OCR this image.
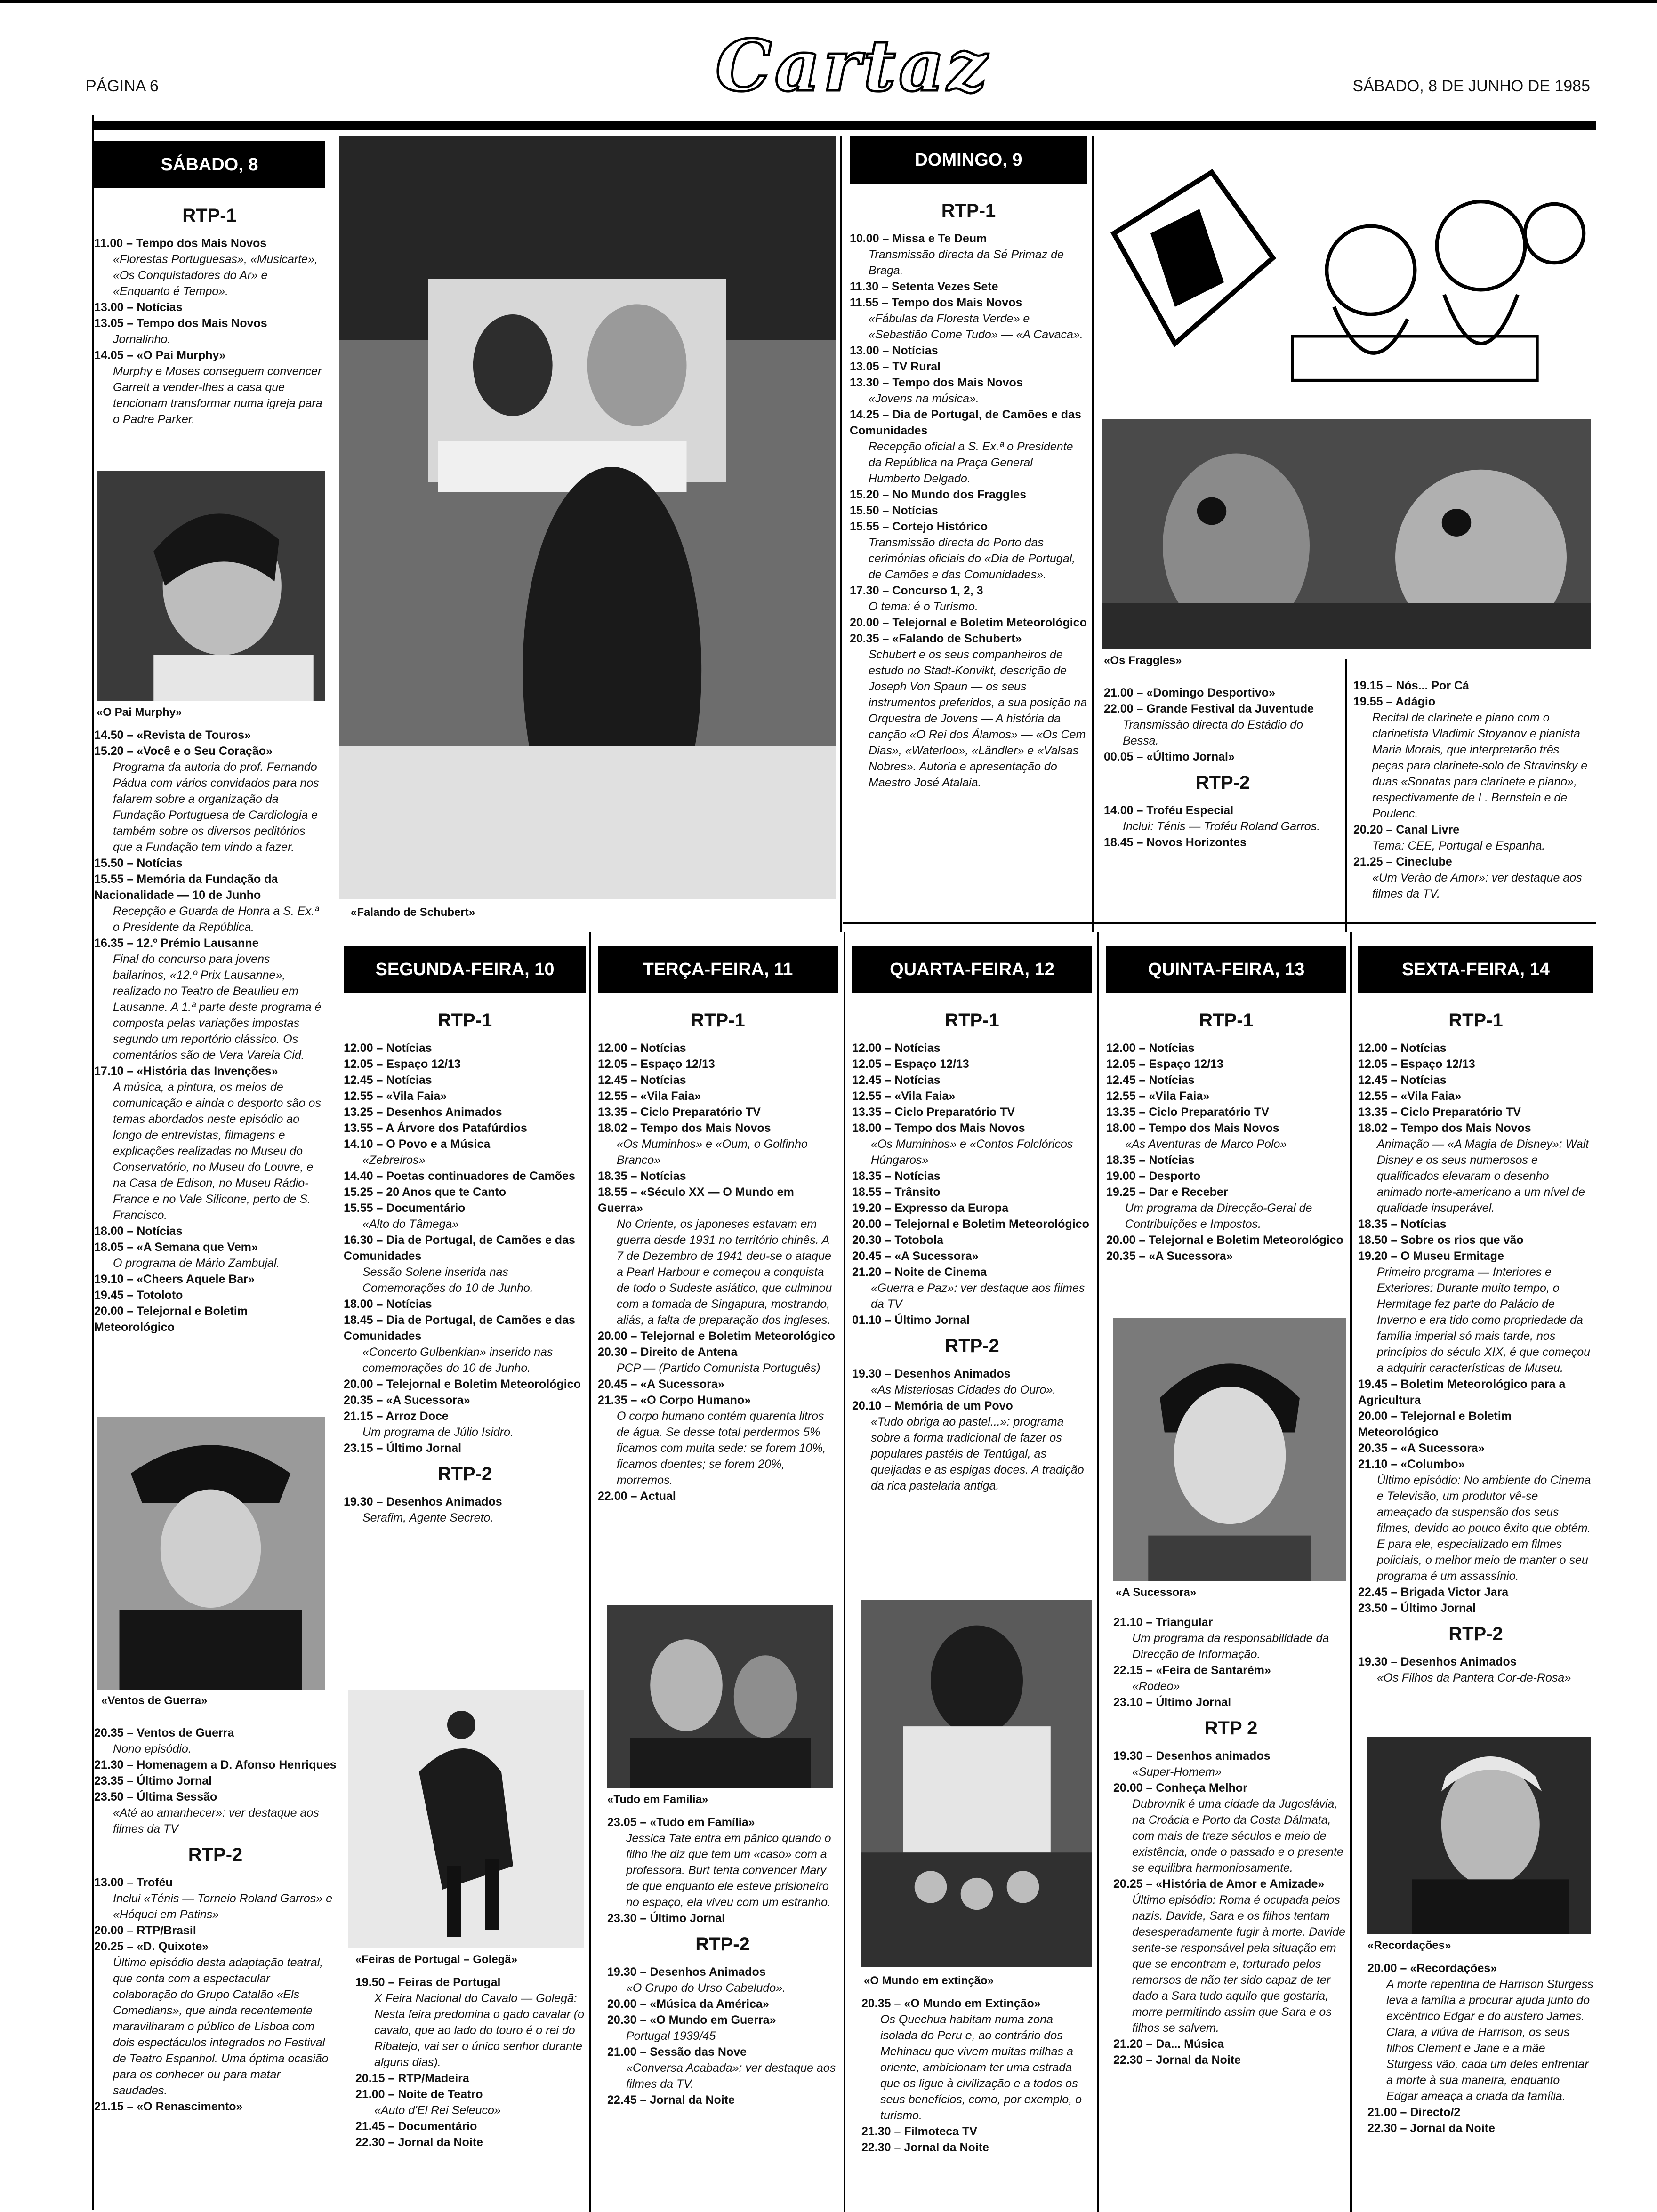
PÁGINA 6	Cartaz	SÁBADO, 8 DE JUNHO DE 1985
SÁBADO, 8
RTP-1
11.00 – Tempo dos Mais Novos
«Florestas Portuguesas», «Musicarte», «Os Conquistadores do Ar» e «Enquanto é Tempo».
13.00 – Notícias
13.05 – Tempo dos Mais Novos
Jornalinho.
14.05 – «O Pai Murphy»
Murphy e Moses conseguem convencer Garrett a vender-lhes a casa que tencionam transformar numa igreja para o Padre Parker.
«O Pai Murphy»
14.50 – «Revista de Touros»
15.20 – «Você e o Seu Coração»
Programa da autoria do prof. Fernando Pádua com vários convidados para nos falarem sobre a organização da Fundação Portuguesa de Cardiologia e também sobre os diversos peditórios que a Fundação tem vindo a fazer.
15.50 – Notícias
15.55 – Memória da Fundação da Nacionalidade — 10 de Junho
Recepção e Guarda de Honra a S. Ex.ª o Presidente da República.
16.35 – 12.º Prémio Lausanne
Final do concurso para jovens bailarinos, «12.º Prix Lausanne», realizado no Teatro de Beaulieu em Lausanne. A 1.ª parte deste programa é composta pelas variações impostas segundo um reportório clássico. Os comentários são de Vera Varela Cid.
17.10 – «História das Invenções»
A música, a pintura, os meios de comunicação e ainda o desporto são os temas abordados neste episódio ao longo de entrevistas, filmagens e explicações realizadas no Museu do Conservatório, no Museu do Louvre, e na Casa de Edison, no Museu Rádio-France e no Vale Silicone, perto de S. Francisco.
18.00 – Notícias
18.05 – «A Semana que Vem»
O programa de Mário Zambujal.
19.10 – «Cheers Aquele Bar»
19.45 – Totoloto
20.00 – Telejornal e Boletim Meteorológico
«Falando de Schubert»
DOMINGO, 9
RTP-1
10.00 – Missa e Te Deum
Transmissão directa da Sé Primaz de Braga.
11.30 – Setenta Vezes Sete
11.55 – Tempo dos Mais Novos
«Fábulas da Floresta Verde» e «Sebastião Come Tudo» — «A Cavaca».
13.00 – Notícias
13.05 – TV Rural
13.30 – Tempo dos Mais Novos
«Jovens na música».
14.25 – Dia de Portugal, de Camões e das Comunidades
Recepção oficial a S. Ex.ª o Presidente da República na Praça General Humberto Delgado.
15.20 – No Mundo dos Fraggles
15.50 – Notícias
15.55 – Cortejo Histórico
Transmissão directa do Porto das cerimónias oficiais do «Dia de Portugal, de Camões e das Comunidades».
17.30 – Concurso 1, 2, 3
O tema: é o Turismo.
20.00 – Telejornal e Boletim Meteorológico
20.35 – «Falando de Schubert»
Schubert e os seus companheiros de estudo no Stadt-Konvikt, descrição de Joseph Von Spaun — os seus instrumentos preferidos, a sua posição na Orquestra de Jovens — A história da canção «O Rei dos Álamos» — «Os Cem Dias», «Waterloo», «Ländler» e «Valsas Nobres». Autoria e apresentação do Maestro José Atalaia.
«Os Fraggles»
21.00 – «Domingo Desportivo»
22.00 – Grande Festival da Juventude
Transmissão directa do Estádio do Bessa.
00.05 – «Último Jornal»
RTP-2
14.00 – Troféu Especial
Inclui: Ténis — Troféu Roland Garros.
18.45 – Novos Horizontes
19.15 – Nós... Por Cá
19.55 – Adágio
Recital de clarinete e piano com o clarinetista Vladimir Stoyanov e pianista Maria Morais, que interpretarão três peças para clarinete-solo de Stravinsky e duas «Sonatas para clarinete e piano», respectivamente de L. Bernstein e de Poulenc.
20.20 – Canal Livre
Tema: CEE, Portugal e Espanha.
21.25 – Cineclube
«Um Verão de Amor»: ver destaque aos filmes da TV.
«Ventos de Guerra»
20.35 – Ventos de Guerra
Nono episódio.
21.30 – Homenagem a D. Afonso Henriques
23.35 – Último Jornal
23.50 – Última Sessão
«Até ao amanhecer»: ver destaque aos filmes da TV
RTP-2
13.00 – Troféu
Inclui «Ténis — Torneio Roland Garros» e «Hóquei em Patins»
20.00 – RTP/Brasil
20.25 – «D. Quixote»
Último episódio desta adaptação teatral, que conta com a espectacular colaboração do Grupo Catalão «Els Comedians», que ainda recentemente maravilharam o público de Lisboa com dois espectáculos integrados no Festival de Teatro Espanhol. Uma óptima ocasião para os conhecer ou para matar saudades.
21.15 – «O Renascimento»
SEGUNDA-FEIRA, 10
RTP-1
12.00 – Notícias
12.05 – Espaço 12/13
12.45 – Notícias
12.55 – «Vila Faia»
13.25 – Desenhos Animados
13.55 – A Árvore dos Patafúrdios
14.10 – O Povo e a Música
«Zebreiros»
14.40 – Poetas continuadores de Camões
15.25 – 20 Anos que te Canto
15.55 – Documentário
«Alto do Tâmega»
16.30 – Dia de Portugal, de Camões e das Comunidades
Sessão Solene inserida nas Comemorações do 10 de Junho.
18.00 – Notícias
18.45 – Dia de Portugal, de Camões e das Comunidades
«Concerto Gulbenkian» inserido nas comemorações do 10 de Junho.
20.00 – Telejornal e Boletim Meteorológico
20.35 – «A Sucessora»
21.15 – Arroz Doce
Um programa de Júlio Isidro.
23.15 – Último Jornal
RTP-2
19.30 – Desenhos Animados
Serafim, Agente Secreto.
«Feiras de Portugal – Golegã»
19.50 – Feiras de Portugal
X Feira Nacional do Cavalo — Golegã: Nesta feira predomina o gado cavalar (o cavalo, que ao lado do touro é o rei do Ribatejo, vai ser o único senhor durante alguns dias).
20.15 – RTP/Madeira
21.00 – Noite de Teatro
«Auto d'El Rei Seleuco»
21.45 – Documentário
22.30 – Jornal da Noite
TERÇA-FEIRA, 11
RTP-1
12.00 – Notícias
12.05 – Espaço 12/13
12.45 – Notícias
12.55 – «Vila Faia»
13.35 – Ciclo Preparatório TV
18.02 – Tempo dos Mais Novos
«Os Muminhos» e «Oum, o Golfinho Branco»
18.35 – Notícias
18.55 – «Século XX — O Mundo em Guerra»
No Oriente, os japoneses estavam em guerra desde 1931 no território chinês. A 7 de Dezembro de 1941 deu-se o ataque a Pearl Harbour e começou a conquista de todo o Sudeste asiático, que culminou com a tomada de Singapura, mostrando, aliás, a falta de preparação dos ingleses.
20.00 – Telejornal e Boletim Meteorológico
20.30 – Direito de Antena
PCP — (Partido Comunista Português)
20.45 – «A Sucessora»
21.35 – «O Corpo Humano»
O corpo humano contém quarenta litros de água. Se desse total perdermos 5% ficamos com muita sede: se forem 10%, ficamos doentes; se forem 20%, morremos.
22.00 – Actual
«Tudo em Família»
23.05 – «Tudo em Família»
Jessica Tate entra em pânico quando o filho lhe diz que tem um «caso» com a professora. Burt tenta convencer Mary de que enquanto ele esteve prisioneiro no espaço, ela viveu com um estranho.
23.30 – Último Jornal
RTP-2
19.30 – Desenhos Animados
«O Grupo do Urso Cabeludo».
20.00 – «Música da América»
20.30 – «O Mundo em Guerra»
Portugal 1939/45
21.00 – Sessão das Nove
«Conversa Acabada»: ver destaque aos filmes da TV.
22.45 – Jornal da Noite
QUARTA-FEIRA, 12
RTP-1
12.00 – Notícias
12.05 – Espaço 12/13
12.45 – Notícias
12.55 – «Vila Faia»
13.35 – Ciclo Preparatório TV
18.00 – Tempo dos Mais Novos
«Os Muminhos» e «Contos Folclóricos Húngaros»
18.35 – Notícias
18.55 – Trânsito
19.20 – Expresso da Europa
20.00 – Telejornal e Boletim Meteorológico
20.30 – Totobola
20.45 – «A Sucessora»
21.20 – Noite de Cinema
«Guerra e Paz»: ver destaque aos filmes da TV
01.10 – Último Jornal
RTP-2
19.30 – Desenhos Animados
«As Misteriosas Cidades do Ouro».
20.10 – Memória de um Povo
«Tudo obriga ao pastel...»: programa sobre a forma tradicional de fazer os populares pastéis de Tentúgal, as queijadas e as espigas doces. A tradição da rica pastelaria antiga.
«O Mundo em extinção»
20.35 – «O Mundo em Extinção»
Os Quechua habitam numa zona isolada do Peru e, ao contrário dos Mehinacu que vivem muitas milhas a oriente, ambicionam ter uma estrada que os ligue à civilização e a todos os seus benefícios, como, por exemplo, o turismo.
21.30 – Filmoteca TV
22.30 – Jornal da Noite
QUINTA-FEIRA, 13
RTP-1
12.00 – Notícias
12.05 – Espaço 12/13
12.45 – Notícias
12.55 – «Vila Faia»
13.35 – Ciclo Preparatório TV
18.00 – Tempo dos Mais Novos
«As Aventuras de Marco Polo»
18.35 – Notícias
19.00 – Desporto
19.25 – Dar e Receber
Um programa da Direcção-Geral de Contribuições e Impostos.
20.00 – Telejornal e Boletim Meteorológico
20.35 – «A Sucessora»
«A Sucessora»
21.10 – Triangular
Um programa da responsabilidade da Direcção de Informação.
22.15 – «Feira de Santarém»
«Rodeo»
23.10 – Último Jornal
RTP 2
19.30 – Desenhos animados
«Super-Homem»
20.00 – Conheça Melhor
Dubrovnik é uma cidade da Jugoslávia, na Croácia e Porto da Costa Dálmata, com mais de treze séculos e meio de existência, onde o passado e o presente se equilibra harmoniosamente.
20.25 – «História de Amor e Amizade»
Último episódio: Roma é ocupada pelos nazis. Davide, Sara e os filhos tentam desesperadamente fugir à morte. Davide sente-se responsável pela situação em que se encontram e, torturado pelos remorsos de não ter sido capaz de ter dado a Sara tudo aquilo que gostaria, morre permitindo assim que Sara e os filhos se salvem.
21.20 – Da... Música
22.30 – Jornal da Noite
SEXTA-FEIRA, 14
RTP-1
12.00 – Notícias
12.05 – Espaço 12/13
12.45 – Notícias
12.55 – «Vila Faia»
13.35 – Ciclo Preparatório TV
18.02 – Tempo dos Mais Novos
Animação — «A Magia de Disney»: Walt Disney e os seus numerosos e qualificados elevaram o desenho animado norte-americano a um nível de qualidade insuperável.
18.35 – Notícias
18.50 – Sobre os rios que vão
19.20 – O Museu Ermitage
Primeiro programa — Interiores e Exteriores: Durante muito tempo, o Hermitage fez parte do Palácio de Inverno e era tido como propriedade da família imperial só mais tarde, nos princípios do século XIX, é que começou a adquirir características de Museu.
19.45 – Boletim Meteorológico para a Agricultura
20.00 – Telejornal e Boletim Meteorológico
20.35 – «A Sucessora»
21.10 – «Columbo»
Último episódio: No ambiente do Cinema e Televisão, um produtor vê-se ameaçado da suspensão dos seus filmes, devido ao pouco êxito que obtém. E para ele, especializado em filmes policiais, o melhor meio de manter o seu programa é um assassínio.
22.45 – Brigada Victor Jara
23.50 – Último Jornal
RTP-2
19.30 – Desenhos Animados
«Os Filhos da Pantera Cor-de-Rosa»
«Recordações»
20.00 – «Recordações»
A morte repentina de Harrison Sturgess leva a família a procurar ajuda junto do excêntrico Edgar e do austero James. Clara, a viúva de Harrison, os seus filhos Clement e Jane e a mãe Sturgess vão, cada um deles enfrentar a morte à sua maneira, enquanto Edgar ameaça a criada da família.
21.00 – Directo/2
22.30 – Jornal da Noite
